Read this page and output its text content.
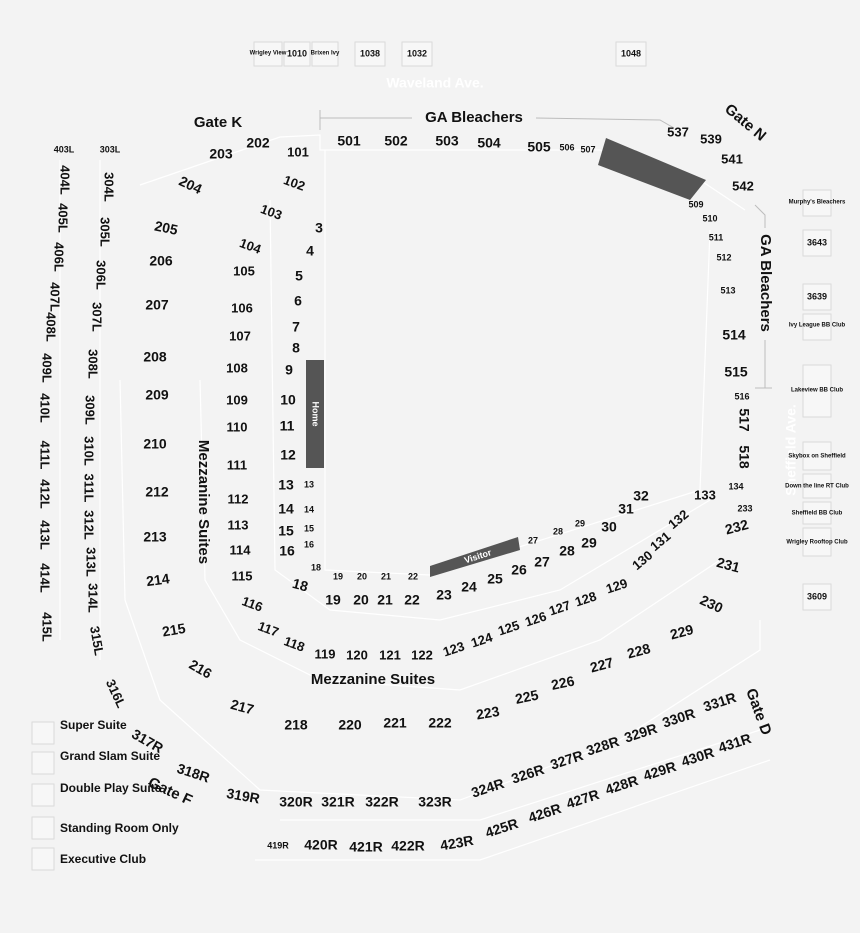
Waveland Ave.
Sheffield Ave.
Gate K	Gate N
Gate D
Gate F
GA Bleachers
GA Bleachers
Mezzanine Suites
Mezzanine Suites
Home
Visitor
Wrigley View 1010 Brixen Ivy 1038	1032	1048
Murphy's Bleachers
3643
3639
Ivy League BB Club
Lakeview BB Club
Skybox on Sheffield
Down the line RT Club
Sheffield BB Club
Wrigley Rooftop Club
3609
Super Suite
Grand Slam Suite
Double Play Suite
Standing Room Only
Executive Club
403L
404L
405L
406L
407L
408L
409L
410L
411L
412L
413L
414L
415L
303L
304L
305L
306L
307L
308L
309L
310L
311L
312L
313L
314L
315L
316L
202
203
204
205
206
207
208
209
210
212
213
214
101
102
103
104
105
106
107
108
109
110
111
112
113
114
115
3
4
5
6
7
8
9
10
11
12
13
14
15
16
18
13
14
15
16
18
501 502 503 504 505 506 507
537 539
541
542
509
510
511
512
513
514
515
516
517
518
19 20 21 22
27
28
29
19 20 21 22 23 24 25
26 27
28 29
30
31
32
116
117
118 119 120 121 122 123 124
125 126
127 128
129
130
131
132
133
134
215
216
217
218 220 221 222
223
225
226
227
228
229
230
231
232
233
317R
318R
319R 320R 321R 322R 323R
324R
326R
327R
328R
329R
330R
331R
419R 420R 421R 422R 423R
425R
426R
427R
428R
429R
430R
431R
